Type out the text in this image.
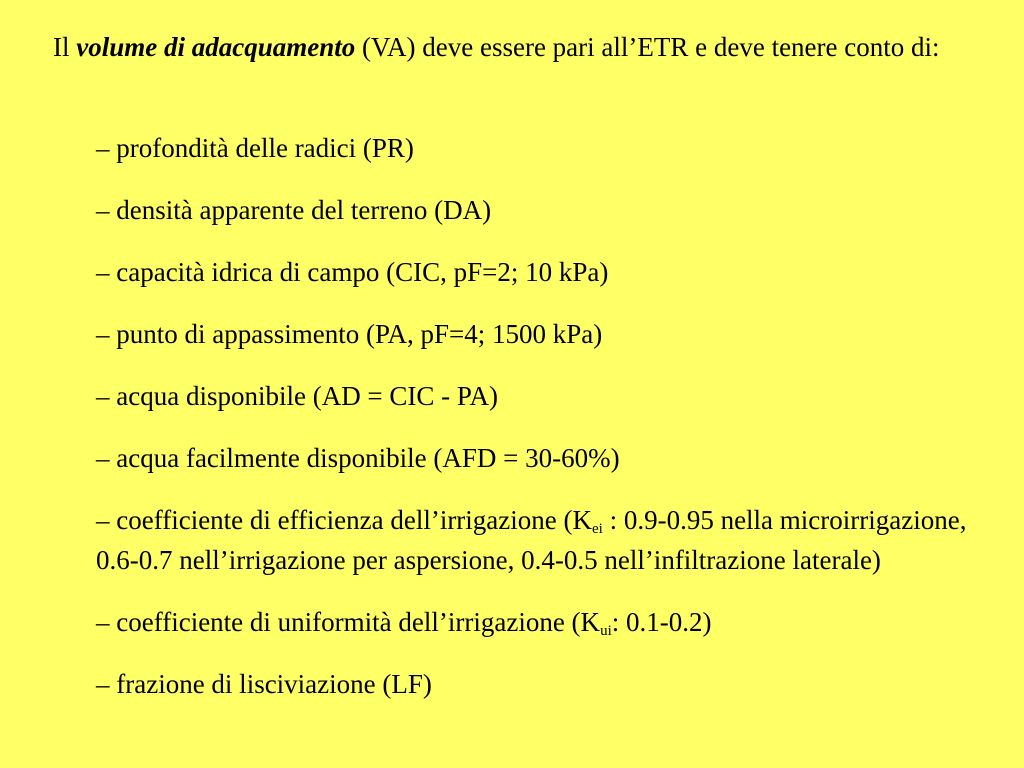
Il volume di adacquamento (VA) deve essere pari all’ETR e deve tenere conto di:

– profondità delle radici (PR)
– densità apparente del terreno (DA)
– capacità idrica di campo (CIC, pF=2; 10 kPa)
– punto di appassimento (PA, pF=4; 1500 kPa)
– acqua disponibile (AD = CIC - PA)
– acqua facilmente disponibile (AFD = 30-60%)
– coefficiente di efficienza dell’irrigazione ($K_{ei}$ : 0.9-0.95 nella microirrigazione, 0.6-0.7 nell’irrigazione per aspersione, 0.4-0.5 nell’infiltrazione laterale)
– coefficiente di uniformità dell’irrigazione ($K_{ui}$: 0.1-0.2)
– frazione di lisciviazione (LF)
